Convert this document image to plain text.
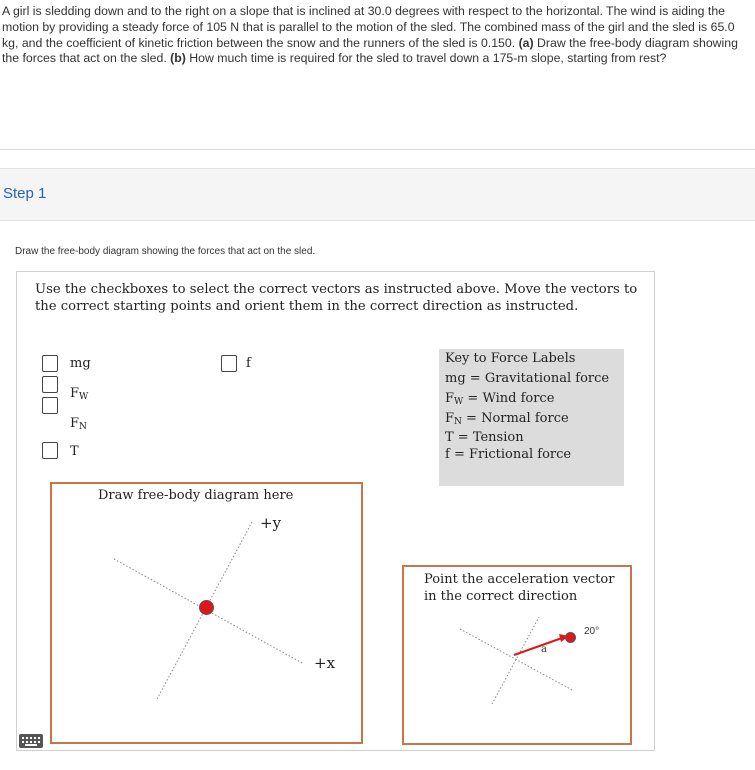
A girl is sledding down and to the right on a slope that is inclined at 30.0 degrees with respect to the horizontal. The wind is aiding the motion by providing a steady force of 105 N that is parallel to the motion of the sled. The combined mass of the girl and the sled is 65.0 kg, and the coefficient of kinetic friction between the snow and the runners of the sled is 0.150. (a) Draw the free-body diagram showing the forces that act on the sled. (b) How much time is required for the sled to travel down a 175-m slope, starting from rest?
Step 1
Draw the free-body diagram showing the forces that act on the sled.
Use the checkboxes to select the correct vectors as instructed above. Move the vectors to the correct starting points and orient them in the correct direction as instructed.
mg
$F_W$
$F_N$
T
f	Key to Force Labels
mg = Gravitational force
$F_W$ = Wind force
$F_N$ = Normal force
T = Tension
f = Frictional force
Draw free-body diagram here
+y
+x
Point the acceleration vector
in the correct direction
a
20°
